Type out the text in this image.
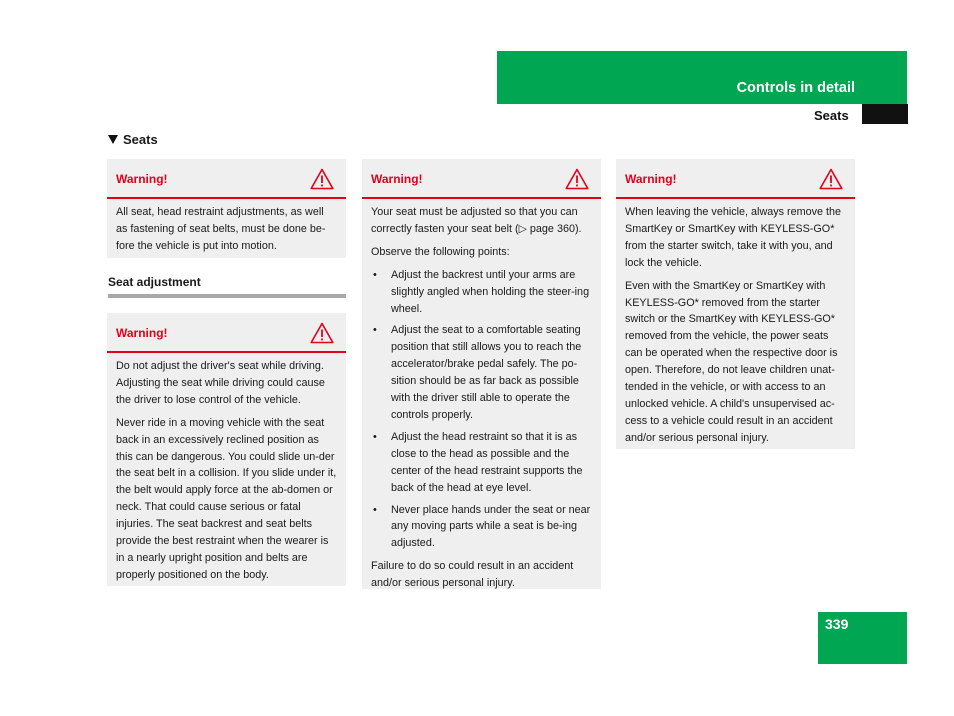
Controls in detail
Seats
Seats
Warning!

All seat, head restraint adjustments, as well as fastening of seat belts, must be done be-fore the vehicle is put into motion.

Seat adjustment
Warning!

Do not adjust the driver's seat while driving. Adjusting the seat while driving could cause the driver to lose control of the vehicle.

Never ride in a moving vehicle with the seat back in an excessively reclined position as this can be dangerous. You could slide un-der the seat belt in a collision. If you slide under it, the belt would apply force at the ab-domen or neck. That could cause serious or fatal injuries. The seat backrest and seat belts provide the best restraint when the wearer is in a nearly upright position and belts are properly positioned on the body.

Warning!

Your seat must be adjusted so that you can correctly fasten your seat belt (▷ page 360).

Observe the following points:

• Adjust the backrest until your arms are slightly angled when holding the steer-ing wheel.
• Adjust the seat to a comfortable seating position that still allows you to reach the accelerator/brake pedal safely. The po-sition should be as far back as possible with the driver still able to operate the controls properly.
• Adjust the head restraint so that it is as close to the head as possible and the center of the head restraint supports the back of the head at eye level.
• Never place hands under the seat or near any moving parts while a seat is be-ing adjusted.

Failure to do so could result in an accident and/or serious personal injury.

Warning!

When leaving the vehicle, always remove the SmartKey or SmartKey with KEYLESS-GO* from the starter switch, take it with you, and lock the vehicle.

Even with the SmartKey or SmartKey with KEYLESS-GO* removed from the starter switch or the SmartKey with KEYLESS-GO* removed from the vehicle, the power seats can be operated when the respective door is open. Therefore, do not leave children unat-tended in the vehicle, or with access to an unlocked vehicle. A child's unsupervised ac-cess to a vehicle could result in an accident and/or serious personal injury.

339
